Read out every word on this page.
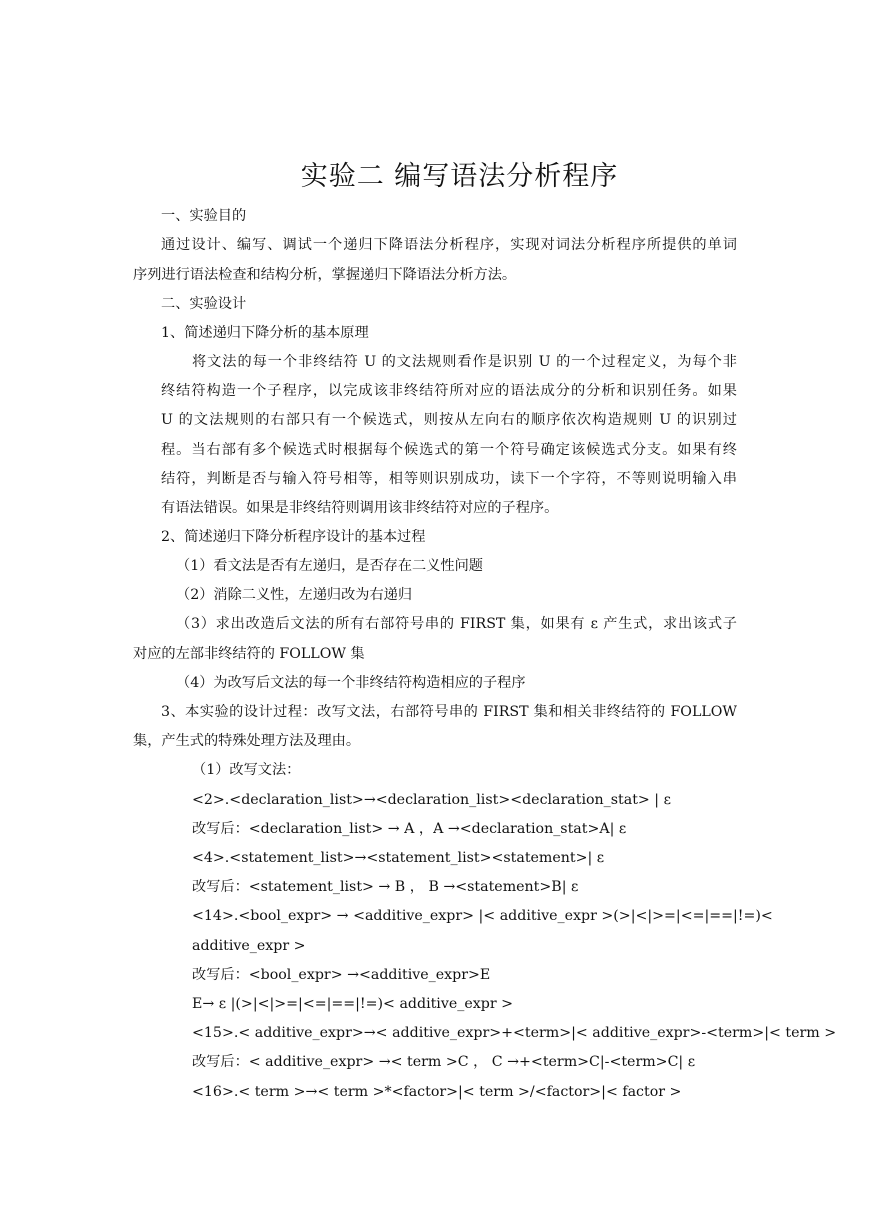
实验二 编写语法分析程序
一、实验目的
通过设计、编写、调试一个递归下降语法分析程序，实现对词法分析程序所提供的单词
序列进行语法检查和结构分析，掌握递归下降语法分析方法。
二、实验设计
1、简述递归下降分析的基本原理
将文法的每一个非终结符 U 的文法规则看作是识别 U 的一个过程定义，为每个非
终结符构造一个子程序，以完成该非终结符所对应的语法成分的分析和识别任务。如果
U 的文法规则的右部只有一个候选式，则按从左向右的顺序依次构造规则 U 的识别过
程。当右部有多个候选式时根据每个候选式的第一个符号确定该候选式分支。如果有终
结符，判断是否与输入符号相等，相等则识别成功，读下一个字符，不等则说明输入串
有语法错误。如果是非终结符则调用该非终结符对应的子程序。
2、简述递归下降分析程序设计的基本过程
（1）看文法是否有左递归，是否存在二义性问题
（2）消除二义性，左递归改为右递归
（3）求出改造后文法的所有右部符号串的 FIRST 集，如果有 ε 产生式，求出该式子
对应的左部非终结符的 FOLLOW 集
（4）为改写后文法的每一个非终结符构造相应的子程序
3、本实验的设计过程：改写文法，右部符号串的 FIRST 集和相关非终结符的 FOLLOW
集，产生式的特殊处理方法及理由。
（1）改写文法：
<2>.<declaration_list>→<declaration_list><declaration_stat> | ε
改写后：<declaration_list> → A ，A →<declaration_stat>A| ε
<4>.<statement_list>→<statement_list><statement>| ε
改写后：<statement_list> → B ， B →<statement>B| ε
<14>.<bool_expr> → <additive_expr> |< additive_expr >(>|<|>=|<=|==|!=)<
additive_expr >
改写后：<bool_expr> →<additive_expr>E
E→ ε |(>|<|>=|<=|==|!=)< additive_expr >
<15>.< additive_expr>→< additive_expr>+<term>|< additive_expr>-<term>|< term >
改写后：< additive_expr> →< term >C ， C →+<term>C|-<term>C| ε
<16>.< term >→< term >*<factor>|< term >/<factor>|< factor >
